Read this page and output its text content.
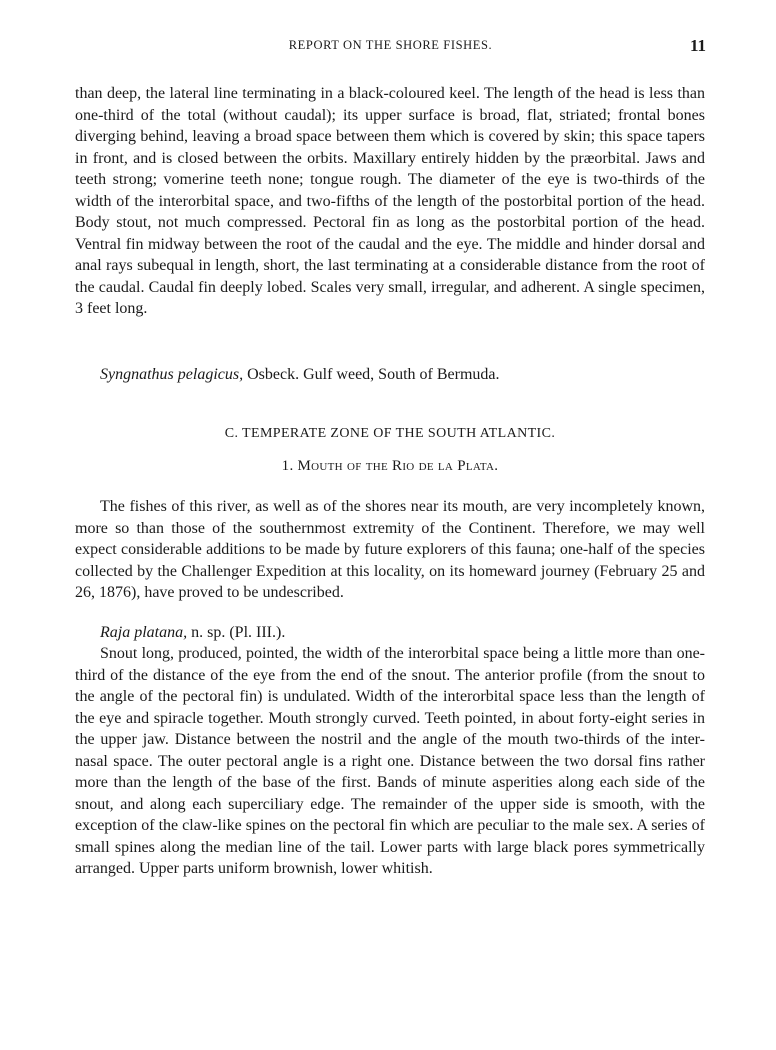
REPORT ON THE SHORE FISHES.	11

than deep, the lateral line terminating in a black-coloured keel. The length of the head is less than one-third of the total (without caudal); its upper surface is broad, flat, striated; frontal bones diverging behind, leaving a broad space between them which is covered by skin; this space tapers in front, and is closed between the orbits. Maxillary entirely hidden by the præorbital. Jaws and teeth strong; vomerine teeth none; tongue rough. The diameter of the eye is two-thirds of the width of the interorbital space, and two-fifths of the length of the postorbital portion of the head. Body stout, not much compressed. Pectoral fin as long as the postorbital portion of the head. Ventral fin midway between the root of the caudal and the eye. The middle and hinder dorsal and anal rays subequal in length, short, the last terminating at a considerable distance from the root of the caudal. Caudal fin deeply lobed. Scales very small, irregular, and adherent. A single specimen, 3 feet long.

Syngnathus pelagicus, Osbeck. Gulf weed, South of Bermuda.

C. TEMPERATE ZONE OF THE SOUTH ATLANTIC.
1. Mouth of the Rio de la Plata.

The fishes of this river, as well as of the shores near its mouth, are very incompletely known, more so than those of the southernmost extremity of the Continent. Therefore, we may well expect considerable additions to be made by future explorers of this fauna; one-half of the species collected by the Challenger Expedition at this locality, on its homeward journey (February 25 and 26, 1876), have proved to be undescribed.

Raja platana, n. sp. (Pl. III.).

Snout long, produced, pointed, the width of the interorbital space being a little more than one-third of the distance of the eye from the end of the snout. The anterior profile (from the snout to the angle of the pectoral fin) is undulated. Width of the interorbital space less than the length of the eye and spiracle together. Mouth strongly curved. Teeth pointed, in about forty-eight series in the upper jaw. Distance between the nostril and the angle of the mouth two-thirds of the inter-nasal space. The outer pectoral angle is a right one. Distance between the two dorsal fins rather more than the length of the base of the first. Bands of minute asperities along each side of the snout, and along each superciliary edge. The remainder of the upper side is smooth, with the exception of the claw-like spines on the pectoral fin which are peculiar to the male sex. A series of small spines along the median line of the tail. Lower parts with large black pores symmetrically arranged. Upper parts uniform brownish, lower whitish.
